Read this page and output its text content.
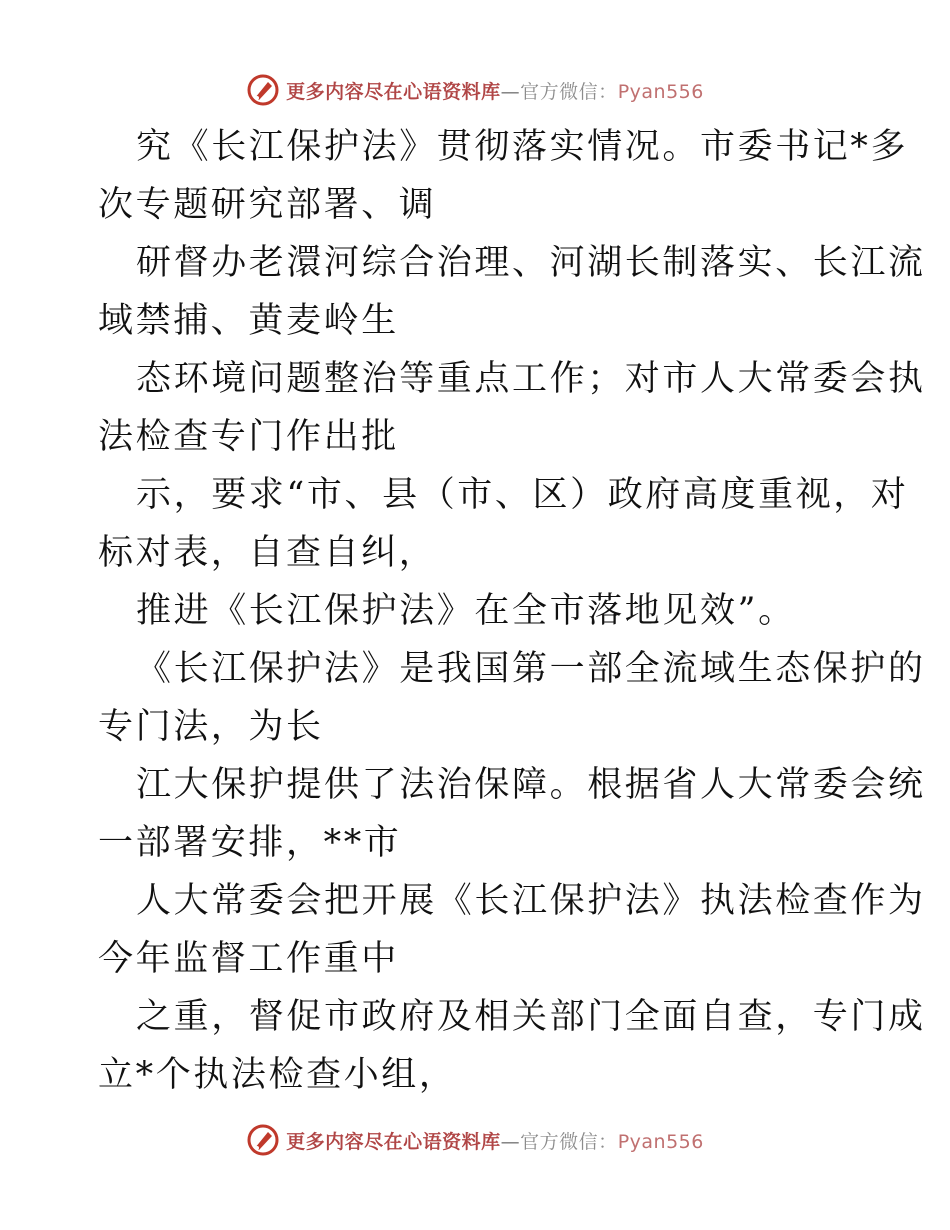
更多内容尽在心语资料库—官方微信：Pyan556
究《长江保护法》贯彻落实情况。市委书记*多
次专题研究部署、调
研督办老澴河综合治理、河湖长制落实、长江流
域禁捕、黄麦岭生
态环境问题整治等重点工作；对市人大常委会执
法检查专门作出批
示，要求“市、县（市、区）政府高度重视，对
标对表，自查自纠，
推进《长江保护法》在全市落地见效”。
《长江保护法》是我国第一部全流域生态保护的
专门法，为长
江大保护提供了法治保障。根据省人大常委会统
一部署安排，**市
人大常委会把开展《长江保护法》执法检查作为
今年监督工作重中
之重，督促市政府及相关部门全面自查，专门成
立*个执法检查小组，
更多内容尽在心语资料库—官方微信：Pyan556
